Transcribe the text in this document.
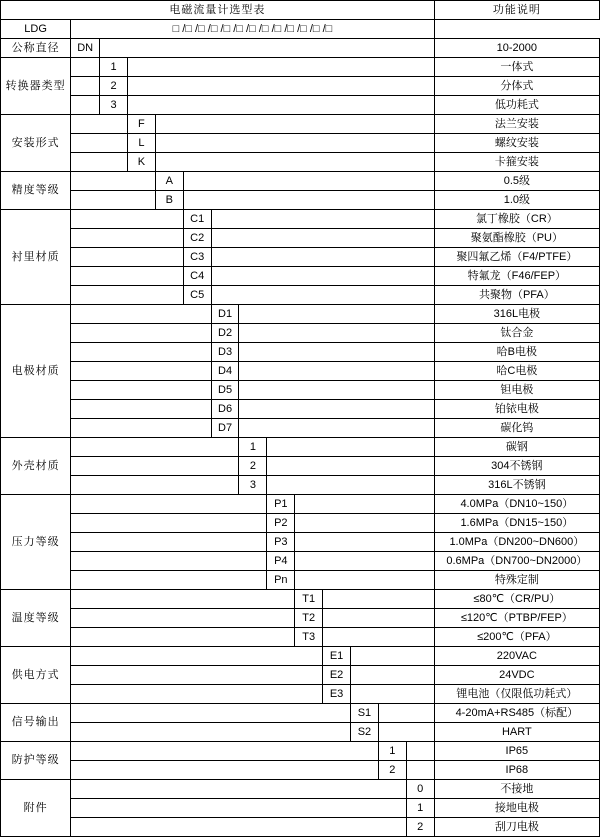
电磁流量计选型表														功能说明
LDG	□ /□ /□ /□ /□ /□ /□ /□ /□ /□ /□ /□ /□													
公称直径	DN													10-2000
转换器类型		1												一体式
		2												分体式
		3												低功耗式
安装形式			F											法兰安装
			L											螺纹安装
			K											卡箍安装
精度等级				A										0.5级
				B										1.0级
衬里材质					C1									氯丁橡胶（CR）
					C2									聚氨酯橡胶（PU）
					C3									聚四氟乙烯（F4/PTFE）
					C4									特氟龙（F46/FEP）
					C5									共聚物（PFA）
电极材质						D1								316L电极
						D2								钛合金
						D3								哈B电极
						D4								哈C电极
						D5								钽电极
						D6								铂铱电极
						D7								碳化钨
外壳材质							1							碳钢
							2							304不锈钢
							3							316L不锈钢
压力等级								P1						4.0MPa（DN10~150）
								P2						1.6MPa（DN15~150）
								P3						1.0MPa（DN200~DN600）
								P4						0.6MPa（DN700~DN2000）
								Pn						特殊定制
温度等级									T1					≤80℃（CR/PU）
									T2					≤120℃（PTBP/FEP）
									T3					≤200℃（PFA）
供电方式										E1				220VAC
										E2				24VDC
										E3				锂电池（仅限低功耗式）
信号输出											S1			4-20mA+RS485（标配）
											S2			HART
防护等级												1		IP65
												2		IP68
附件													0	不接地
													1	接地电极
													2	刮刀电极
